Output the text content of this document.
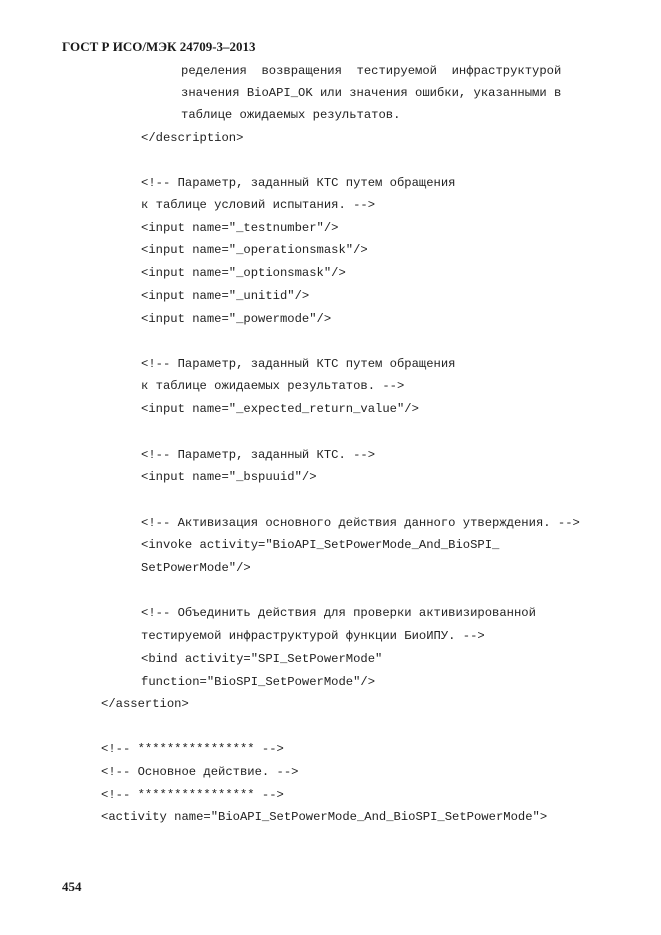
ГОСТ Р ИСО/МЭК 24709-3–2013
ределения  возвращения  тестируемой  инфраструктурой
значения BioAPI_OK или значения ошибки, указанными в
таблице ожидаемых результатов.
</description>
<!-- Параметр, заданный КТС путем обращения
к таблице условий испытания. -->
<input name="_testnumber"/>
<input name="_operationsmask"/>
<input name="_optionsmask"/>
<input name="_unitid"/>
<input name="_powermode"/>
<!-- Параметр, заданный КТС путем обращения
к таблице ожидаемых результатов. -->
<input name="_expected_return_value"/>
<!-- Параметр, заданный КТС. -->
<input name="_bspuuid"/>
<!-- Активизация основного действия данного утверждения. -->
<invoke activity="BioAPI_SetPowerMode_And_BioSPI_
SetPowerMode"/>
<!-- Объединить действия для проверки активизированной
тестируемой инфраструктурой функции БиоИПУ. -->
<bind activity="SPI_SetPowerMode"
function="BioSPI_SetPowerMode"/>
</assertion>
<!-- **************** -->
<!-- Основное действие. -->
<!-- **************** -->
<activity name="BioAPI_SetPowerMode_And_BioSPI_SetPowerMode">
454
